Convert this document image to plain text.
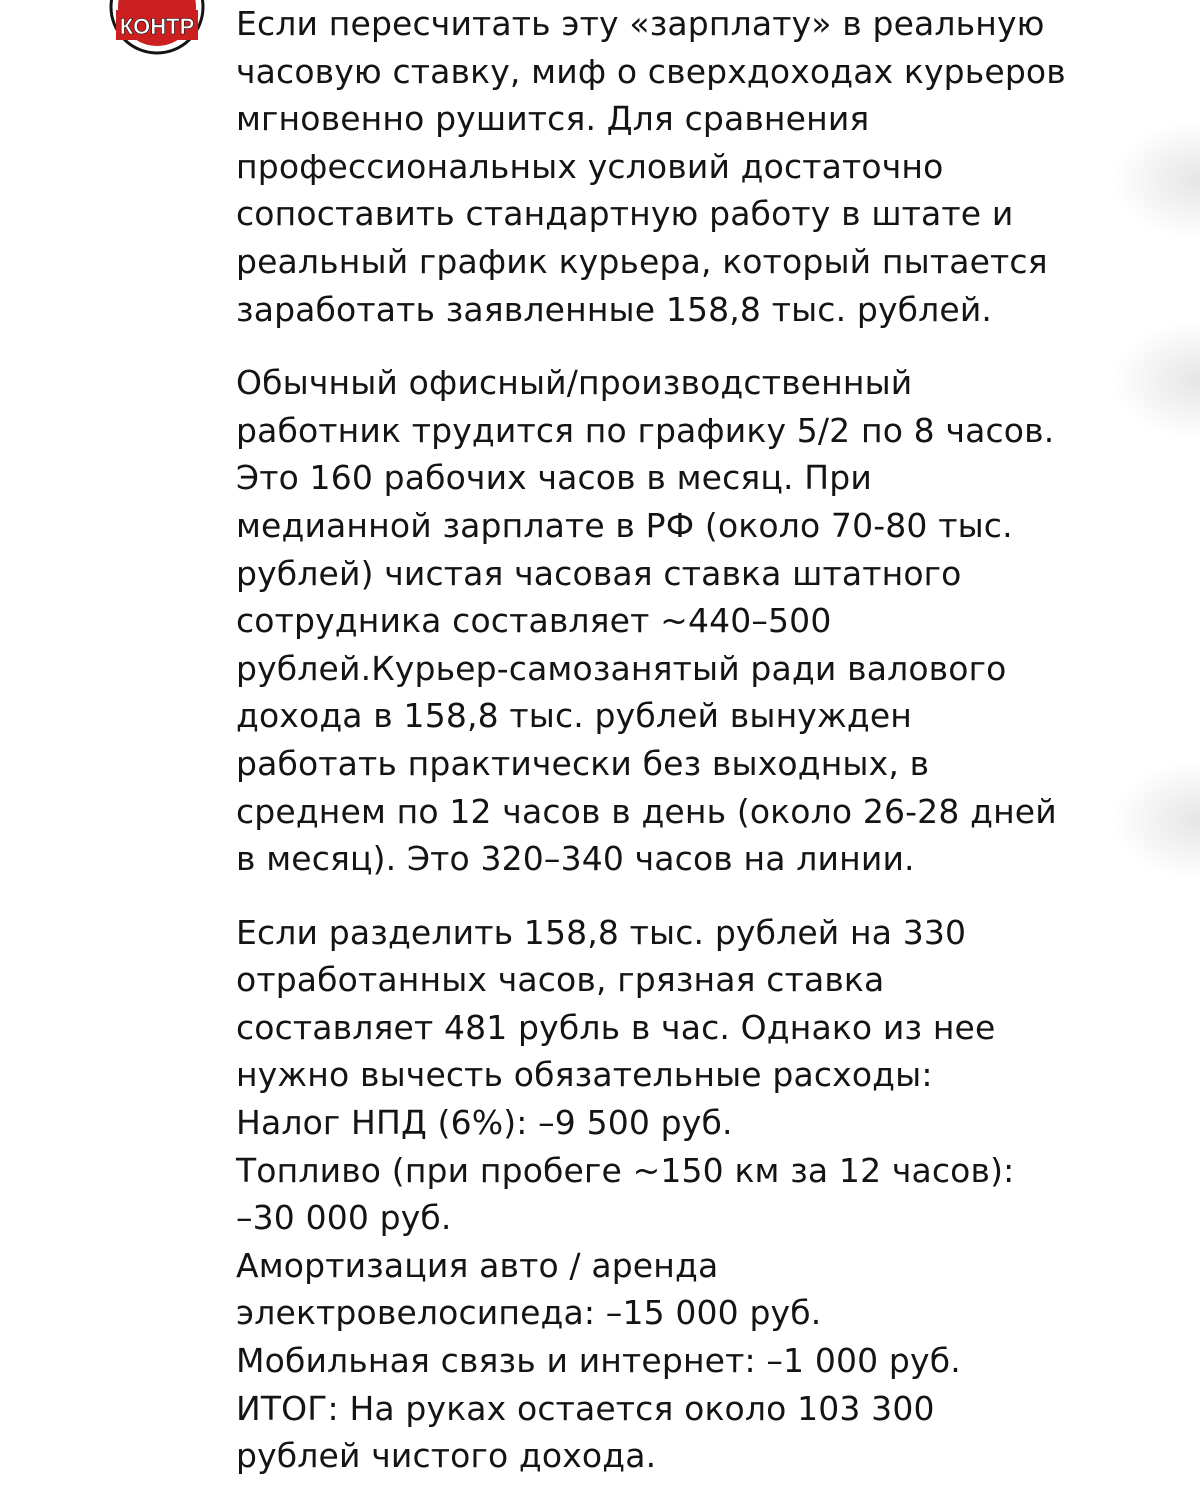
КОНТР Если пересчитать эту «зарплату» в реальную
часовую ставку, миф о сверхдоходах курьеров
мгновенно рушится. Для сравнения
профессиональных условий достаточно
сопоставить стандартную работу в штате и
реальный график курьера, который пытается
заработать заявленные 158,8 тыс. рублей.
Обычный офисный/производственный
работник трудится по графику 5/2 по 8 часов.
Это 160 рабочих часов в месяц. При
медианной зарплате в РФ (около 70-80 тыс.
рублей) чистая часовая ставка штатного
сотрудника составляет ~440–500
рублей.Курьер-самозанятый ради валового
дохода в 158,8 тыс. рублей вынужден
работать практически без выходных, в
среднем по 12 часов в день (около 26-28 дней
в месяц). Это 320–340 часов на линии.
Если разделить 158,8 тыс. рублей на 330
отработанных часов, грязная ставка
составляет 481 рубль в час. Однако из нее
нужно вычесть обязательные расходы:
Налог НПД (6%): –9 500 руб.
Топливо (при пробеге ~150 км за 12 часов):
–30 000 руб.
Амортизация авто / аренда
электровелосипеда: –15 000 руб.
Мобильная связь и интернет: –1 000 руб.
ИТОГ: На руках остается около 103 300
рублей чистого дохода.
